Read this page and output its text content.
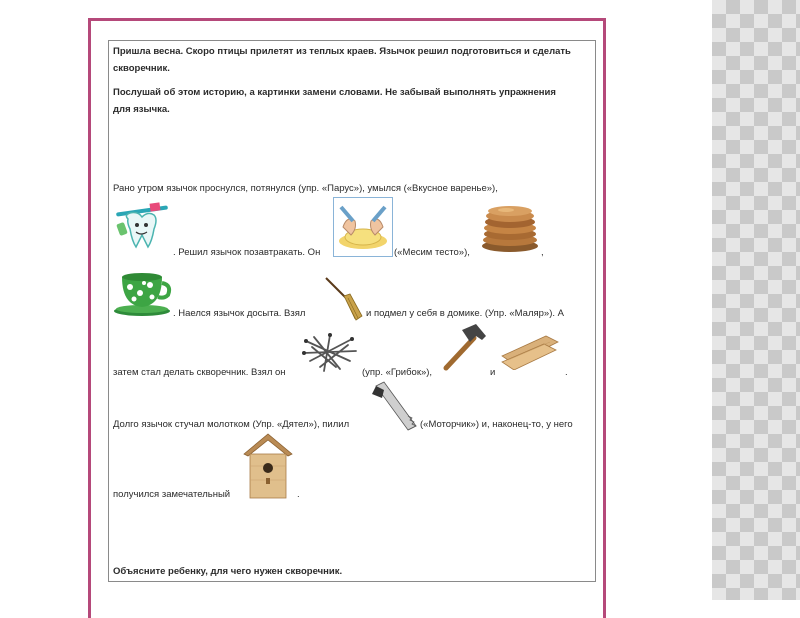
Пришла весна. Скоро птицы прилетят из теплых краев. Язычок решил подготовиться и сделать
скворечник.
Послушай об этом историю, а картинки замени словами. Не забывай выполнять упражнения
для язычка.
Рано утром язычок проснулся, потянулся (упр. «Парус»), умылся («Вкусное варенье»),
. Решил язычок позавтракать. Он	(«Месим тесто»),	,
. Наелся язычок досыта. Взял	и подмел у себя в домике. (Упр. «Маляр»). А
затем стал делать скворечник. Взял он	(упр. «Грибок»),	и	.
Долго язычок стучал молотком (Упр. «Дятел»), пилил	(«Моторчик») и, наконец-то, у него
получился замечательный	.
Объясните ребенку, для чего нужен скворечник.
